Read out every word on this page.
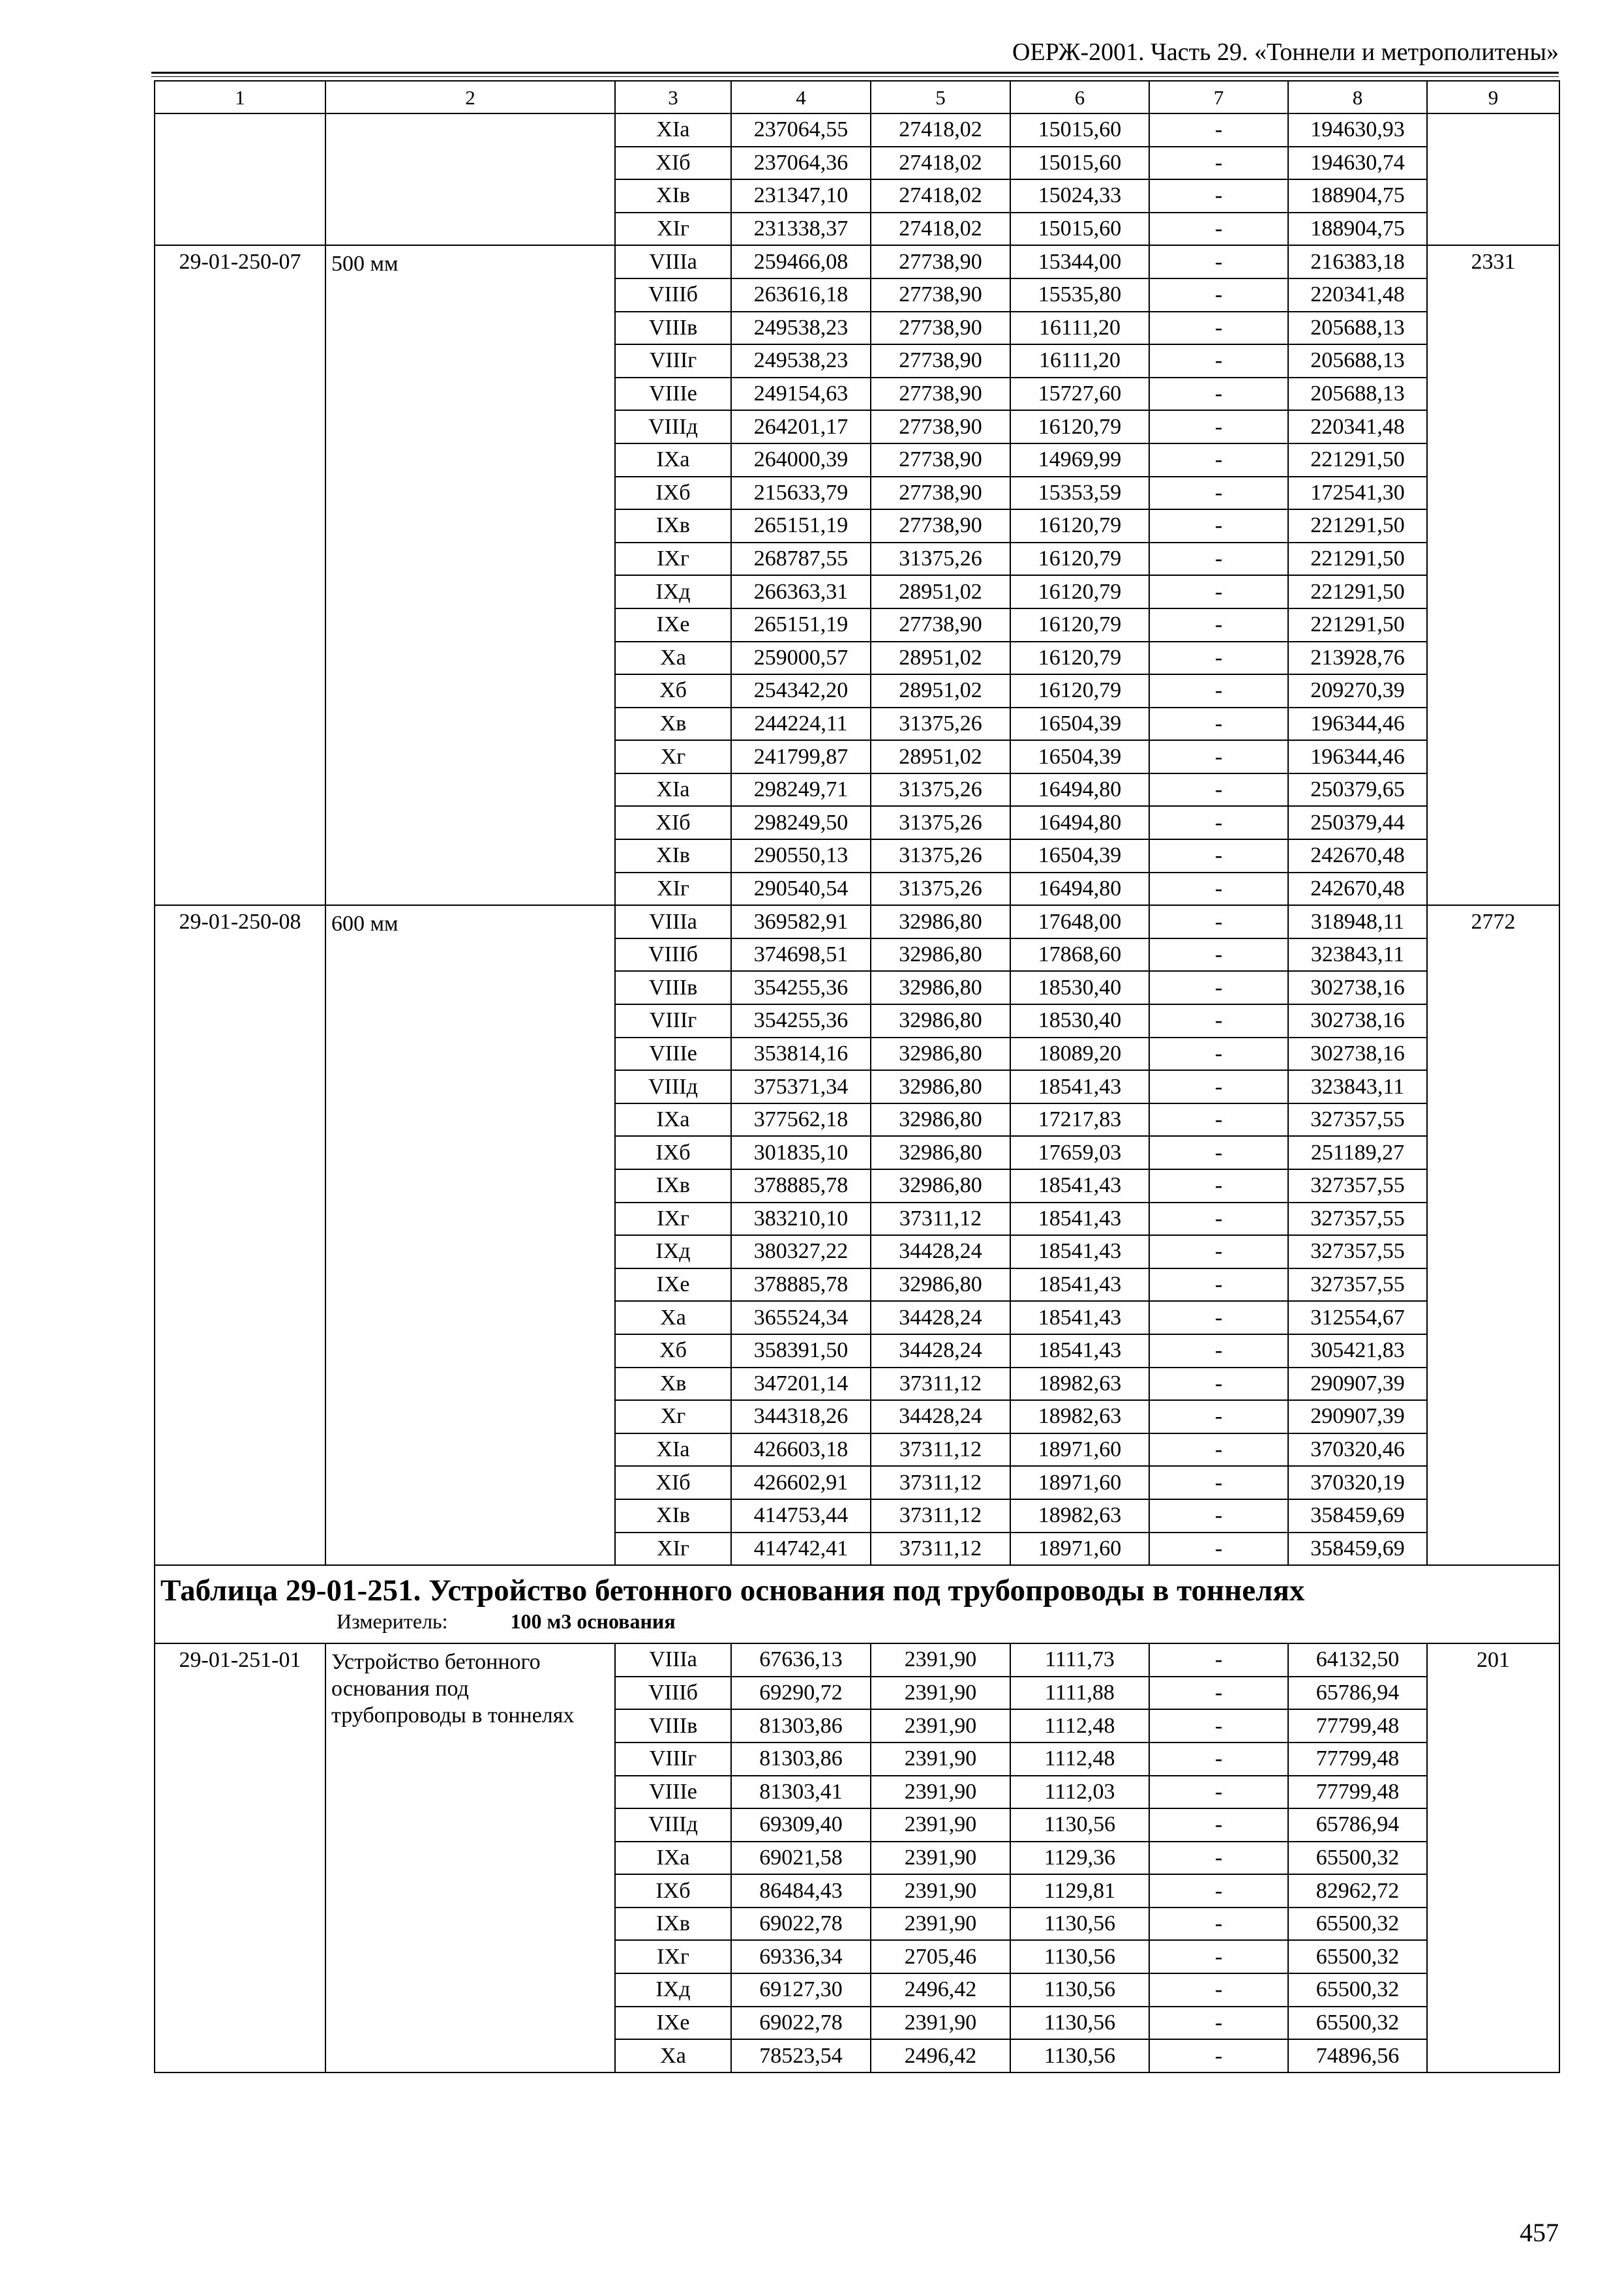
ОЕРЖ-2001. Часть 29. «Тоннели и метрополитены»
1	2	3	4	5	6	7	8	9
		XIa	237064,55	27418,02	15015,60	-	194630,93	
		XIб	237064,36	27418,02	15015,60	-	194630,74	
		XIв	231347,10	27418,02	15024,33	-	188904,75	
		XIг	231338,37	27418,02	15015,60	-	188904,75	
29-01-250-07	500 мм	VIIIa	259466,08	27738,90	15344,00	-	216383,18	2331
		VIIIб	263616,18	27738,90	15535,80	-	220341,48	
		VIIIв	249538,23	27738,90	16111,20	-	205688,13	
		VIIIг	249538,23	27738,90	16111,20	-	205688,13	
		VIIIe	249154,63	27738,90	15727,60	-	205688,13	
		VIIIд	264201,17	27738,90	16120,79	-	220341,48	
		IXa	264000,39	27738,90	14969,99	-	221291,50	
		IXб	215633,79	27738,90	15353,59	-	172541,30	
		IXв	265151,19	27738,90	16120,79	-	221291,50	
		IXг	268787,55	31375,26	16120,79	-	221291,50	
		IXд	266363,31	28951,02	16120,79	-	221291,50	
		IXe	265151,19	27738,90	16120,79	-	221291,50	
		Xa	259000,57	28951,02	16120,79	-	213928,76	
		Xб	254342,20	28951,02	16120,79	-	209270,39	
		Xв	244224,11	31375,26	16504,39	-	196344,46	
		Xг	241799,87	28951,02	16504,39	-	196344,46	
		XIa	298249,71	31375,26	16494,80	-	250379,65	
		XIб	298249,50	31375,26	16494,80	-	250379,44	
		XIв	290550,13	31375,26	16504,39	-	242670,48	
		XIг	290540,54	31375,26	16494,80	-	242670,48	
29-01-250-08	600 мм	VIIIa	369582,91	32986,80	17648,00	-	318948,11	2772
		VIIIб	374698,51	32986,80	17868,60	-	323843,11	
		VIIIв	354255,36	32986,80	18530,40	-	302738,16	
		VIIIг	354255,36	32986,80	18530,40	-	302738,16	
		VIIIe	353814,16	32986,80	18089,20	-	302738,16	
		VIIIд	375371,34	32986,80	18541,43	-	323843,11	
		IXa	377562,18	32986,80	17217,83	-	327357,55	
		IXб	301835,10	32986,80	17659,03	-	251189,27	
		IXв	378885,78	32986,80	18541,43	-	327357,55	
		IXг	383210,10	37311,12	18541,43	-	327357,55	
		IXд	380327,22	34428,24	18541,43	-	327357,55	
		IXe	378885,78	32986,80	18541,43	-	327357,55	
		Xa	365524,34	34428,24	18541,43	-	312554,67	
		Xб	358391,50	34428,24	18541,43	-	305421,83	
		Xв	347201,14	37311,12	18982,63	-	290907,39	
		Xг	344318,26	34428,24	18982,63	-	290907,39	
		XIa	426603,18	37311,12	18971,60	-	370320,46	
		XIб	426602,91	37311,12	18971,60	-	370320,19	
		XIв	414753,44	37311,12	18982,63	-	358459,69	
		XIг	414742,41	37311,12	18971,60	-	358459,69	

Таблица 29-01-251. Устройство бетонного основания под трубопроводы в тоннелях
Измеритель: 100 м3 основания								

29-01-251-01	Устройство бетонного основания под трубопроводы в тоннелях	VIIIa	67636,13	2391,90	1111,73	-	64132,50	201
		VIIIб	69290,72	2391,90	1111,88	-	65786,94	
		VIIIв	81303,86	2391,90	1112,48	-	77799,48	
		VIIIг	81303,86	2391,90	1112,48	-	77799,48	
		VIIIe	81303,41	2391,90	1112,03	-	77799,48	
		VIIIд	69309,40	2391,90	1130,56	-	65786,94	
		IXa	69021,58	2391,90	1129,36	-	65500,32	
		IXб	86484,43	2391,90	1129,81	-	82962,72	
		IXв	69022,78	2391,90	1130,56	-	65500,32	
		IXг	69336,34	2705,46	1130,56	-	65500,32	
		IXд	69127,30	2496,42	1130,56	-	65500,32	
		IXe	69022,78	2391,90	1130,56	-	65500,32	
		Xa	78523,54	2496,42	1130,56	-	74896,56	
457
